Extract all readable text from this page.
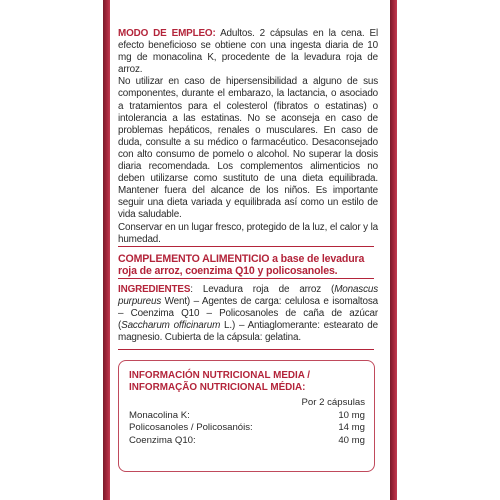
MODO DE EMPLEO: Adultos. 2 cápsulas en la cena. El efecto beneficioso se obtiene con una ingesta diaria de 10 mg de monacolina K, procedente de la levadura roja de arroz.

No utilizar en caso de hipersensibilidad a alguno de sus componentes, durante el embarazo, la lactancia, o asociado a tratamientos para el colesterol (fibratos o estatinas) o intolerancia a las estatinas. No se aconseja en caso de problemas hepáticos, renales o musculares. En caso de duda, consulte a su médico o farmacéutico. Desaconsejado con alto consumo de pomelo o alcohol. No superar la dosis diaria recomendada. Los complementos alimenticios no deben utilizarse como sustituto de una dieta equilibrada. Mantener fuera del alcance de los niños. Es importante seguir una dieta variada y equilibrada así como un estilo de vida saludable.

Conservar en un lugar fresco, protegido de la luz, el calor y la humedad.

COMPLEMENTO ALIMENTICIO a base de levadura roja de arroz, coenzima Q10 y policosanoles.
INGREDIENTES: Levadura roja de arroz (Monascus purpureus Went) – Agentes de carga: celulosa e isomaltosa – Coenzima Q10 – Policosanoles de caña de azúcar (Saccharum officinarum L.) – Antiaglomerante: estearato de magnesio. Cubierta de la cápsula: gelatina.
INFORMACIÓN NUTRICIONAL MEDIA /
INFORMAÇÃO NUTRICIONAL MÉDIA:
Por 2 cápsulas
Monacolina K:	10 mg
Policosanoles / Policosanóis:	14 mg
Coenzima Q10:	40 mg
